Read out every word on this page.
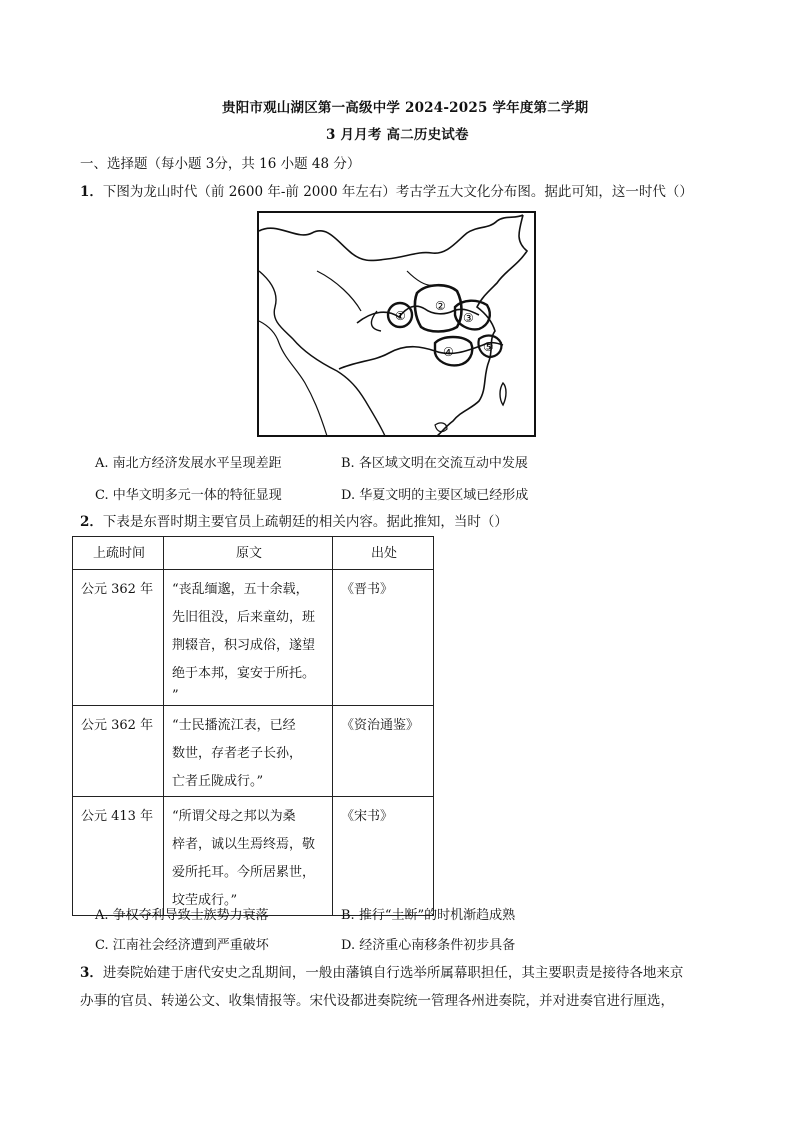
贵阳市观山湖区第一高级中学 2024-2025 学年度第二学期
3 月月考 高二历史试卷
一、选择题（每小题 3分，共 16 小题 48 分）
1．下图为龙山时代（前 2600 年-前 2000 年左右）考古学五大文化分布图。据此可知，这一时代（）
①
②
③
④ ⑤
A. 南北方经济发展水平呈现差距	B. 各区域文明在交流互动中发展
C. 中华文明多元一体的特征显现	D. 华夏文明的主要区域已经形成
2．下表是东晋时期主要官员上疏朝廷的相关内容。据此推知，当时（）
上疏时间	原文	出处

公元 362 年	“丧乱缅邈，五十余载，
先旧徂没，后来童幼，班
荆辍音，积习成俗，遂望
绝于本邦，宴安于所托。
”	《晋书》

公元 362 年	“士民播流江表，已经
数世，存者老子长孙，
亡者丘陇成行。”	《资治通鉴》

公元 413 年	“所谓父母之邦以为桑
梓者，诚以生焉终焉，敬
爱所托耳。今所居累世，
坟茔成行。”	《宋书》
A. 争权夺利导致士族势力衰落	B. 推行“土断”的时机渐趋成熟
C. 江南社会经济遭到严重破坏	D. 经济重心南移条件初步具备
3．进奏院始建于唐代安史之乱期间，一般由藩镇自行选举所属幕职担任，其主要职责是接待各地来京
办事的官员、转递公文、收集情报等。宋代设都进奏院统一管理各州进奏院，并对进奏官进行厘选，
